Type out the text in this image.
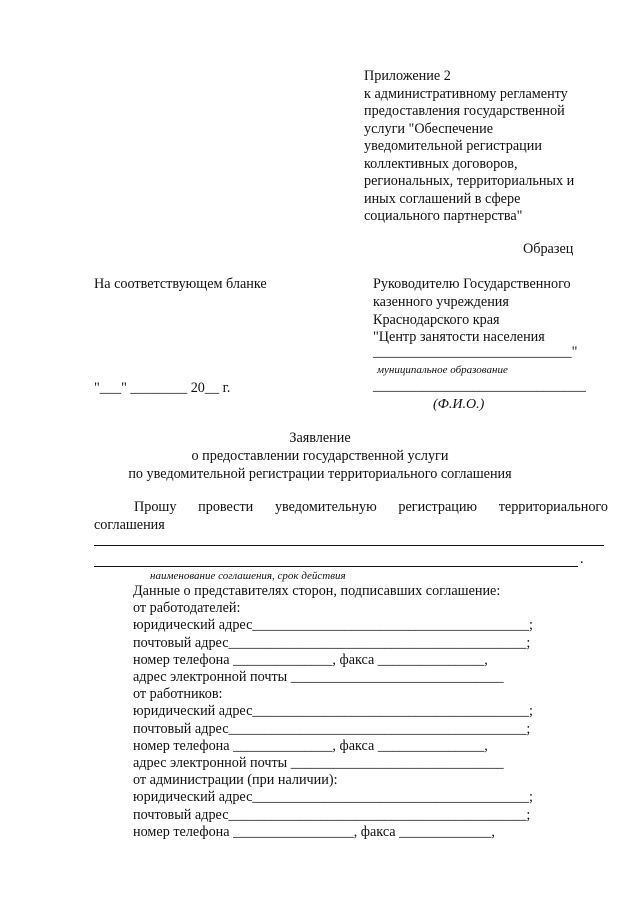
Приложение 2
к административному регламенту
предоставления государственной
услуги "Обеспечение
уведомительной регистрации
коллективных договоров,
региональных, территориальных и
иных соглашений в сфере
социального партнерства"
Образец
На соответствующем бланке	Руководителю Государственного
казенного учреждения
Краснодарского края
"Центр занятости населения
____________________________"
муниципальное образование
______________________________
(Ф.И.О.)
"___" ________ 20__ г.
Заявление
о предоставлении государственной услуги
по уведомительной регистрации территориального соглашения
Прошу провести уведомительную регистрацию территориального
соглашения
.
наименование соглашения, срок действия
Данные о представителях сторон, подписавших соглашение:
от работодателей:
юридический адрес_______________________________________;
почтовый адрес__________________________________________;
номер телефона ______________, факса _______________,
адрес электронной почты ______________________________
от работников:
юридический адрес_______________________________________;
почтовый адрес__________________________________________;
номер телефона ______________, факса _______________,
адрес электронной почты ______________________________
от администрации (при наличии):
юридический адрес_______________________________________;
почтовый адрес__________________________________________;
номер телефона _________________, факса _____________,
